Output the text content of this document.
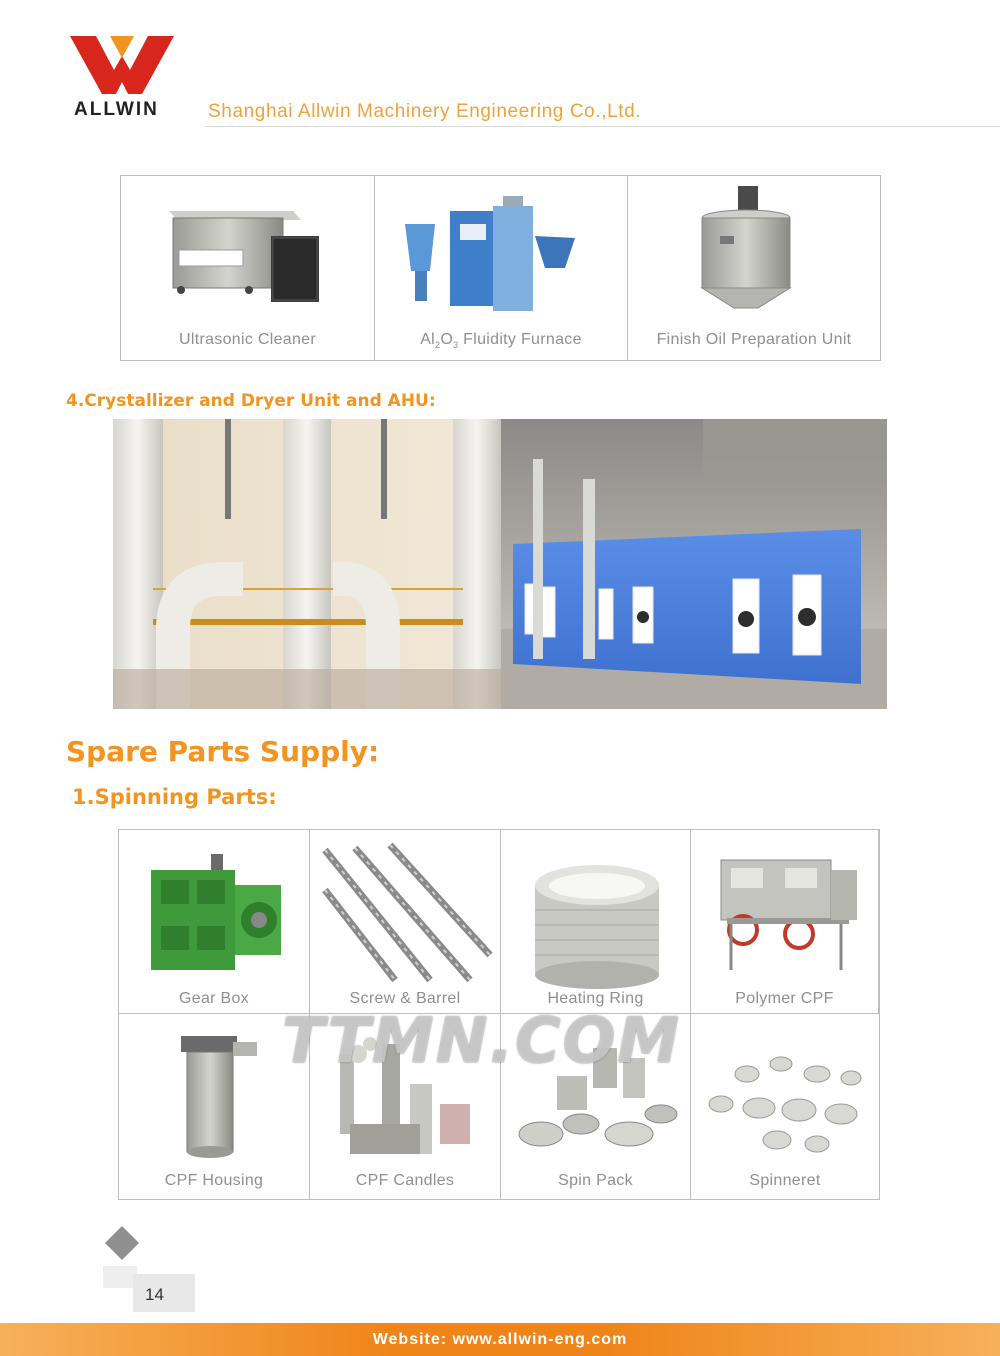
ALLWIN	Shanghai Allwin Machinery Engineering Co.,Ltd.
Ultrasonic Cleaner	$Al_2O_3$ Fluidity Furnace	Finish Oil Preparation Unit
4.Crystallizer and Dryer Unit and AHU:
Spare Parts Supply:
1.Spinning Parts:
Gear Box	Screw & Barrel	Heating Ring	Polymer CPF
CPF Housing	CPF Candles	Spin Pack	Spinneret
TTMN.COM
14
Website: www.allwin-eng.com
